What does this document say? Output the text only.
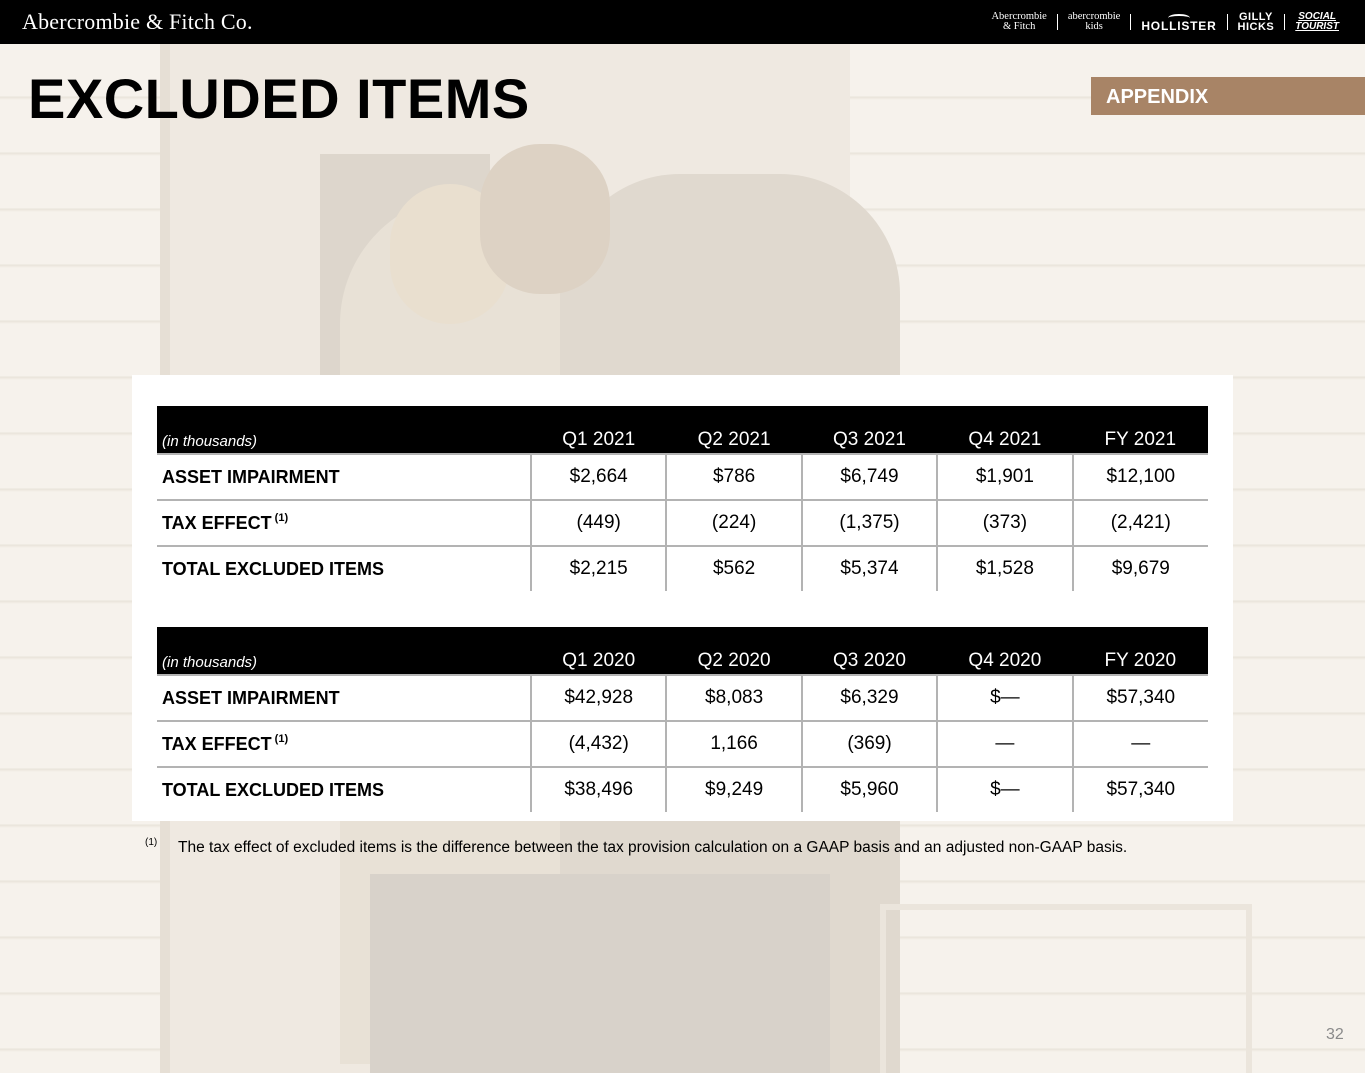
Abercrombie & Fitch Co.	Abercrombie
& Fitch
abercrombie
kids	HOLLISTER
GILLY
HICKS
SOCIAL
TOURIST
EXCLUDED ITEMS	APPENDIX
(in thousands)	Q1 2021	Q2 2021	Q3 2021	Q4 2021	FY 2021
ASSET IMPAIRMENT	$2,664	$786	$6,749	$1,901	$12,100
TAX EFFECT $^{(1)}$	(449)	(224)	(1,375)	(373)	(2,421)
TOTAL EXCLUDED ITEMS	$2,215	$562	$5,374	$1,528	$9,679
(in thousands)	Q1 2020	Q2 2020	Q3 2020	Q4 2020	FY 2020
ASSET IMPAIRMENT	$42,928	$8,083	$6,329	$—	$57,340
TAX EFFECT $^{(1)}$	(4,432)	1,166	(369)	—	—
TOTAL EXCLUDED ITEMS	$38,496	$9,249	$5,960	$—	$57,340
(1) The tax effect of excluded items is the difference between the tax provision calculation on a GAAP basis and an adjusted non-GAAP basis.
32
